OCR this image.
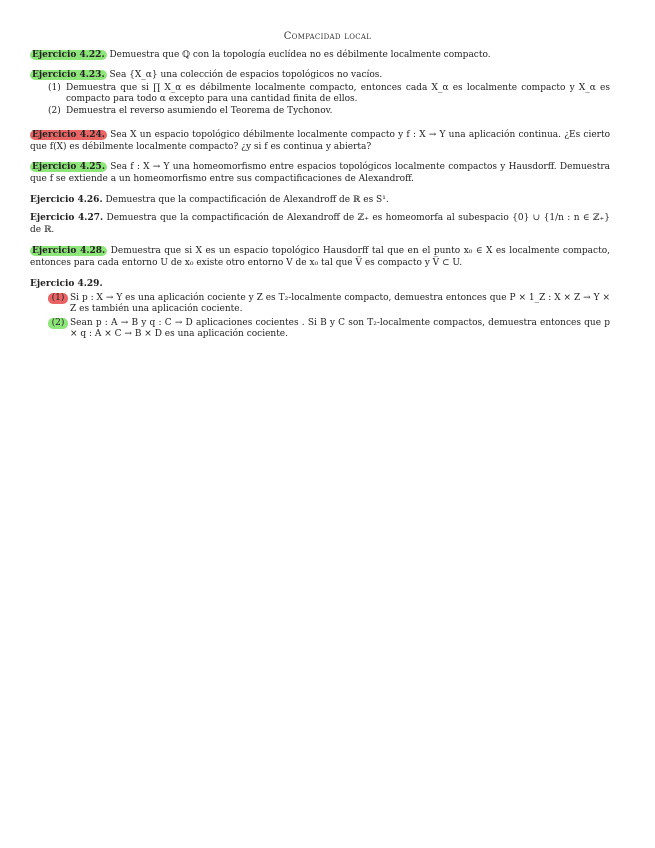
Compacidad local
Ejercicio 4.22. Demuestra que ℚ con la topología euclídea no es débilmente localmente compacto.
Ejercicio 4.23. Sea {X_α} una colección de espacios topológicos no vacíos.
(1) Demuestra que si ∏ X_α es débilmente localmente compacto, entonces cada X_α es localmente compacto y X_α es compacto para todo α excepto para una cantidad finita de ellos.
(2) Demuestra el reverso asumiendo el Teorema de Tychonov.
Ejercicio 4.24. Sea X un espacio topológico débilmente localmente compacto y f : X → Y una aplicación continua. ¿Es cierto que f(X) es débilmente localmente compacto? ¿y si f es continua y abierta?
Ejercicio 4.25. Sea f : X → Y una homeomorfismo entre espacios topológicos localmente compactos y Hausdorff. Demuestra que f se extiende a un homeomorfismo entre sus compactificaciones de Alexandroff.
Ejercicio 4.26. Demuestra que la compactificación de Alexandroff de ℝ es S¹.
Ejercicio 4.27. Demuestra que la compactificación de Alexandroff de ℤ₊ es homeomorfa al subespacio {0} ∪ {1/n : n ∈ ℤ₊} de ℝ.
Ejercicio 4.28. Demuestra que si X es un espacio topológico Hausdorff tal que en el punto x₀ ∈ X es localmente compacto, entonces para cada entorno U de x₀ existe otro entorno V de x₀ tal que V̅ es compacto y V̅ ⊂ U.
Ejercicio 4.29.
(1) Si p : X → Y es una aplicación cociente y Z es T₂-localmente compacto, demuestra entonces que P × 1_Z : X × Z → Y × Z es también una aplicación cociente.
(2) Sean p : A → B y q : C → D aplicaciones cocientes . Si B y C son T₂-localmente compactos, demuestra entonces que p × q : A × C → B × D es una aplicación cociente.
